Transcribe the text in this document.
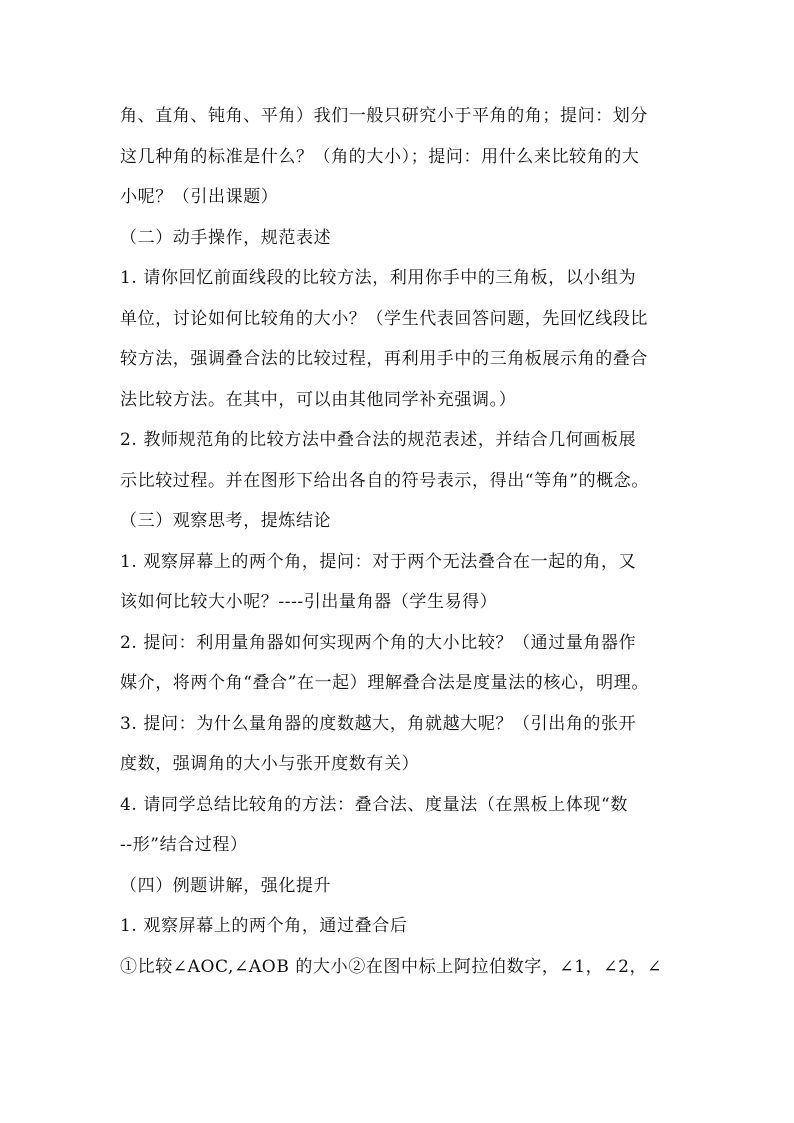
角、直角、钝角、平角）我们一般只研究小于平角的角；提问：划分
这几种角的标准是什么？（角的大小）；提问：用什么来比较角的大
小呢？（引出课题）
（二）动手操作，规范表述
1. 请你回忆前面线段的比较方法，利用你手中的三角板，以小组为
单位，讨论如何比较角的大小？（学生代表回答问题，先回忆线段比
较方法，强调叠合法的比较过程，再利用手中的三角板展示角的叠合
法比较方法。在其中，可以由其他同学补充强调。）
2. 教师规范角的比较方法中叠合法的规范表述，并结合几何画板展
示比较过程。并在图形下给出各自的符号表示，得出“等角”的概念。
（三）观察思考，提炼结论
1. 观察屏幕上的两个角，提问：对于两个无法叠合在一起的角，又
该如何比较大小呢？----引出量角器（学生易得）
2. 提问：利用量角器如何实现两个角的大小比较？（通过量角器作
媒介，将两个角“叠合”在一起）理解叠合法是度量法的核心，明理。
3. 提问：为什么量角器的度数越大，角就越大呢？（引出角的张开
度数，强调角的大小与张开度数有关）
4. 请同学总结比较角的方法：叠合法、度量法（在黑板上体现“数
--形”结合过程）
（四）例题讲解，强化提升
1. 观察屏幕上的两个角，通过叠合后
①比较∠AOC,∠AOB 的大小②在图中标上阿拉伯数字，∠1，∠2，∠
